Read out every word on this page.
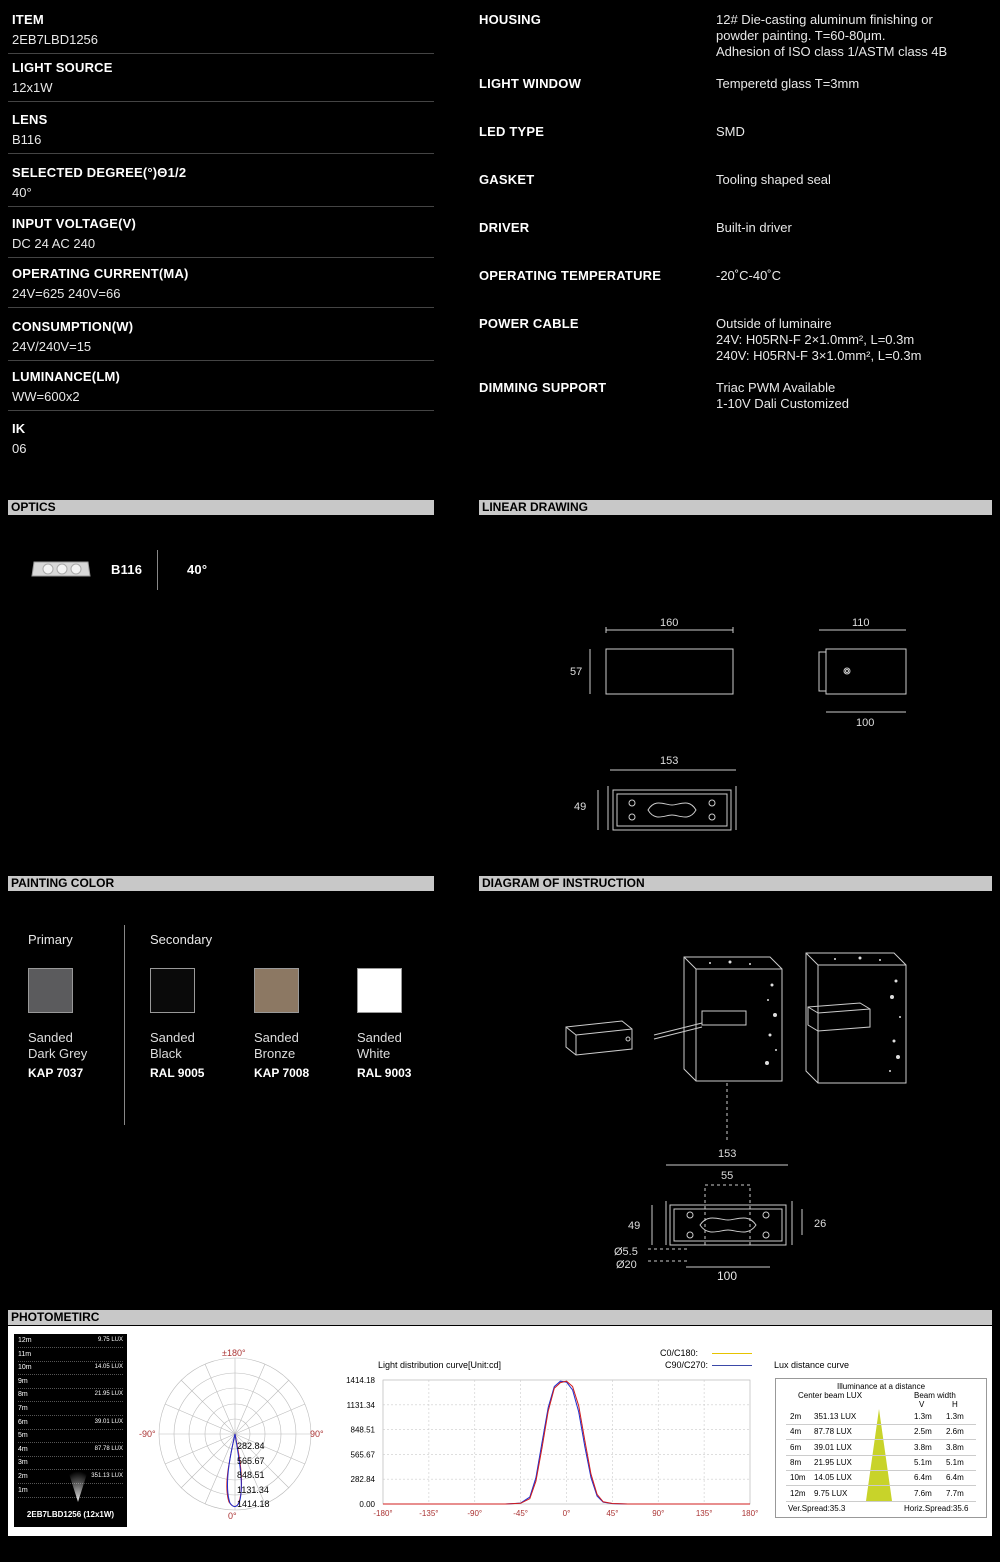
ITEM
2EB7LBD1256
LIGHT SOURCE
12x1W
LENS
B116
SELECTED DEGREE(°)Θ1/2
40°
INPUT VOLTAGE(V)
DC 24 AC 240
OPERATING CURRENT(MA)
24V=625 240V=66
CONSUMPTION(W)
24V/240V=15
LUMINANCE(LM)
WW=600x2
IK
06
HOUSING	12# Die-casting aluminum finishing or
powder painting. T=60-80μm.
Adhesion of ISO class 1/ASTM class 4B
LIGHT WINDOW	Temperetd glass T=3mm
LED TYPE	SMD
GASKET	Tooling shaped seal
DRIVER	Built-in driver
OPERATING TEMPERATURE	-20˚C-40˚C
POWER CABLE	Outside of luminaire
24V: H05RN-F 2×1.0mm², L=0.3m
240V: H05RN-F 3×1.0mm², L=0.3m
DIMMING SUPPORT	Triac PWM Available
1-10V Dali Customized
OPTICS	LINEAR DRAWING
PAINTING COLOR	DIAGRAM OF INSTRUCTION
PHOTOMETIRC
B116	40°
160
57
110
100
153
49
Primary	Secondary
Sanded
Dark Grey
KAP 7037
Sanded
Black
RAL 9005
Sanded
Bronze
KAP 7008
Sanded
White
RAL 9003
153
55
49	26
Ø5.5
Ø20
100
12m	9.75 LUX
11m
10m	14.05 LUX
9m
8m	21.95 LUX
7m
6m	39.01 LUX
5m
4m	87.78 LUX
3m
2m	351.13 LUX
1m
2EB7LBD1256 (12x1W)
±180°
-90°	90°
0°
282.84
565.67
848.51
1131.34
1414.18
Light distribution curve[Unit:cd]
C0/C180:
C90/C270:
0.00
282.84
565.67
848.51
1131.34
1414.18
-180°	-135°	-90°	-45°	0°	45°	90°	135°	180°
Lux distance curve
Illuminance at a distance
Center beam LUX	Beam width
V	H
2m 351.13 LUX	1.3m 1.3m
4m 87.78 LUX	2.5m 2.6m
6m 39.01 LUX	3.8m 3.8m
8m 21.95 LUX	5.1m 5.1m
10m 14.05 LUX	6.4m 6.4m
12m 9.75 LUX	7.6m 7.7m
Ver.Spread:35.3	Horiz.Spread:35.6
